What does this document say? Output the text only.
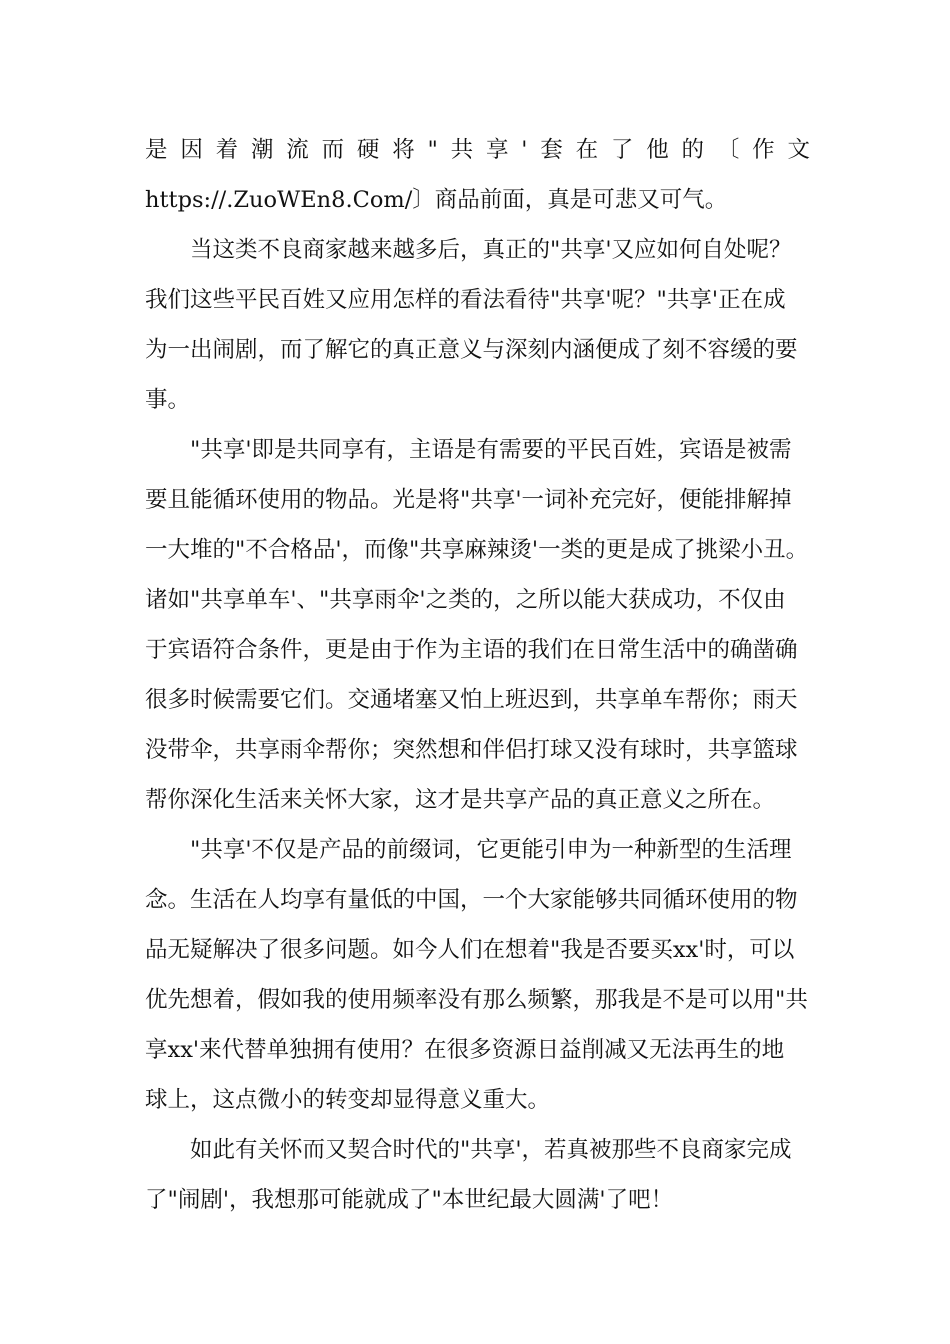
是因着潮流而硬将"共享'套在了他的〔作文
https://.ZuoWEn8.Com/〕商品前面，真是可悲又可气。
当这类不良商家越来越多后，真正的"共享'又应如何自处呢？
我们这些平民百姓又应用怎样的看法看待"共享'呢？"共享'正在成
为一出闹剧，而了解它的真正意义与深刻内涵便成了刻不容缓的要
事。
"共享'即是共同享有，主语是有需要的平民百姓，宾语是被需
要且能循环使用的物品。光是将"共享'一词补充完好，便能排解掉
一大堆的"不合格品'，而像"共享麻辣烫'一类的更是成了挑梁小丑。
诸如"共享单车'、"共享雨伞'之类的，之所以能大获成功，不仅由
于宾语符合条件，更是由于作为主语的我们在日常生活中的确凿确
很多时候需要它们。交通堵塞又怕上班迟到，共享单车帮你；雨天
没带伞，共享雨伞帮你；突然想和伴侣打球又没有球时，共享篮球
帮你深化生活来关怀大家，这才是共享产品的真正意义之所在。
"共享'不仅是产品的前缀词，它更能引申为一种新型的生活理
念。生活在人均享有量低的中国，一个大家能够共同循环使用的物
品无疑解决了很多问题。如今人们在想着"我是否要买xx'时，可以
优先想着，假如我的使用频率没有那么频繁，那我是不是可以用"共
享xx'来代替单独拥有使用？在很多资源日益削减又无法再生的地
球上，这点微小的转变却显得意义重大。
如此有关怀而又契合时代的"共享'，若真被那些不良商家完成
了"闹剧'，我想那可能就成了"本世纪最大圆满'了吧！
